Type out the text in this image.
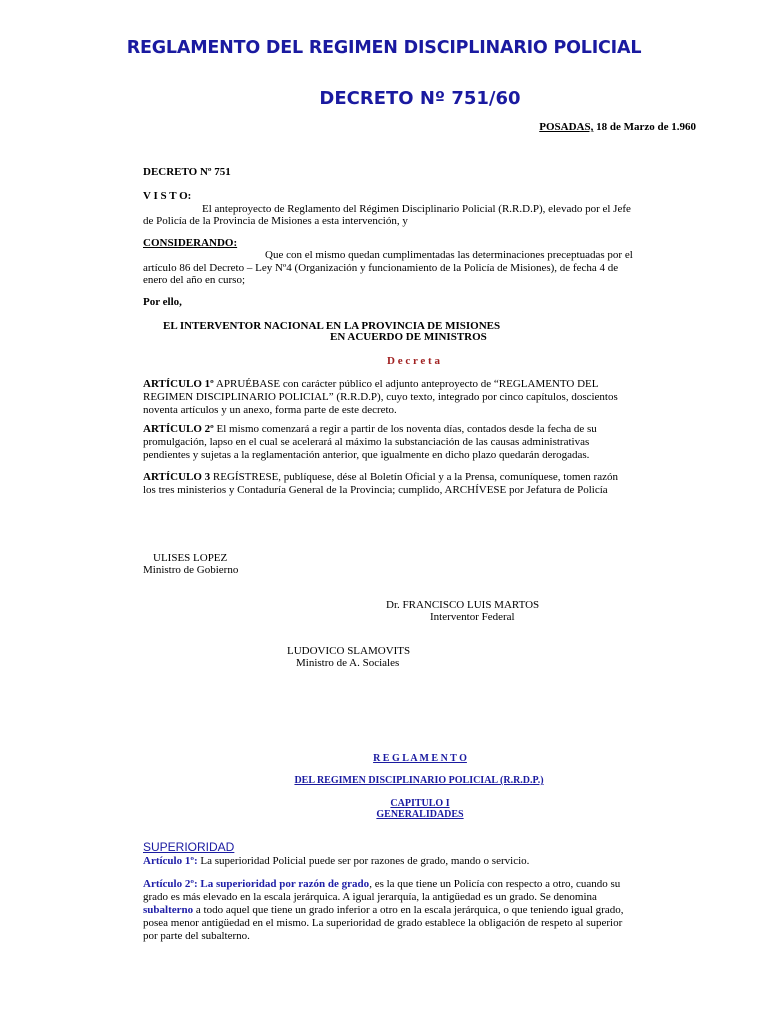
REGLAMENTO DEL REGIMEN DISCIPLINARIO POLICIAL
DECRETO Nº 751/60
POSADAS, 18 de Marzo de 1.960
DECRETO Nº 751
V I S T O:
El anteproyecto de Reglamento del Régimen Disciplinario Policial (R.R.D.P), elevado por el Jefe
de Policía de la Provincia de Misiones a esta intervención, y
CONSIDERANDO:
Que con el mismo quedan cumplimentadas las determinaciones preceptuadas por el
artículo 86 del Decreto – Ley Nº4 (Organización y funcionamiento de la Policía de Misiones), de fecha 4 de
enero del año en curso;
Por ello,
EL INTERVENTOR NACIONAL EN LA PROVINCIA DE MISIONES
EN ACUERDO DE MINISTROS
D e c r e t a
ARTÍCULO 1º APRUÉBASE con carácter público el adjunto anteproyecto de “REGLAMENTO DEL
REGIMEN DISCIPLINARIO POLICIAL” (R.R.D.P), cuyo texto, integrado por cinco capítulos, doscientos
noventa artículos y un anexo, forma parte de este decreto.
ARTÍCULO 2º El mismo comenzará a regir a partir de los noventa días, contados desde la fecha de su
promulgación, lapso en el cual se acelerará al máximo la substanciación de las causas administrativas
pendientes y sujetas a la reglamentación anterior, que igualmente en dicho plazo quedarán derogadas.
ARTÍCULO 3 REGÍSTRESE, publíquese, dése al Boletín Oficial y a la Prensa, comuníquese, tomen razón
los tres ministerios y Contaduría General de la Provincia; cumplido, ARCHÍVESE por Jefatura de Policía
ULISES LOPEZ
Ministro de Gobierno
Dr. FRANCISCO LUIS MARTOS
Interventor Federal
LUDOVICO SLAMOVITS
Ministro de A. Sociales
R E G L A M E N T O
DEL REGIMEN DISCIPLINARIO POLICIAL (R.R.D.P.)
CAPITULO I
GENERALIDADES
SUPERIORIDAD
Artículo 1º: La superioridad Policial puede ser por razones de grado, mando o servicio.
Artículo 2º: La superioridad por razón de grado, es la que tiene un Policía con respecto a otro, cuando su
grado es más elevado en la escala jerárquica. A igual jerarquía, la antigüedad es un grado. Se denomina
subalterno a todo aquel que tiene un grado inferior a otro en la escala jerárquica, o que teniendo igual grado,
posea menor antigüedad en el mismo. La superioridad de grado establece la obligación de respeto al superior
por parte del subalterno.
